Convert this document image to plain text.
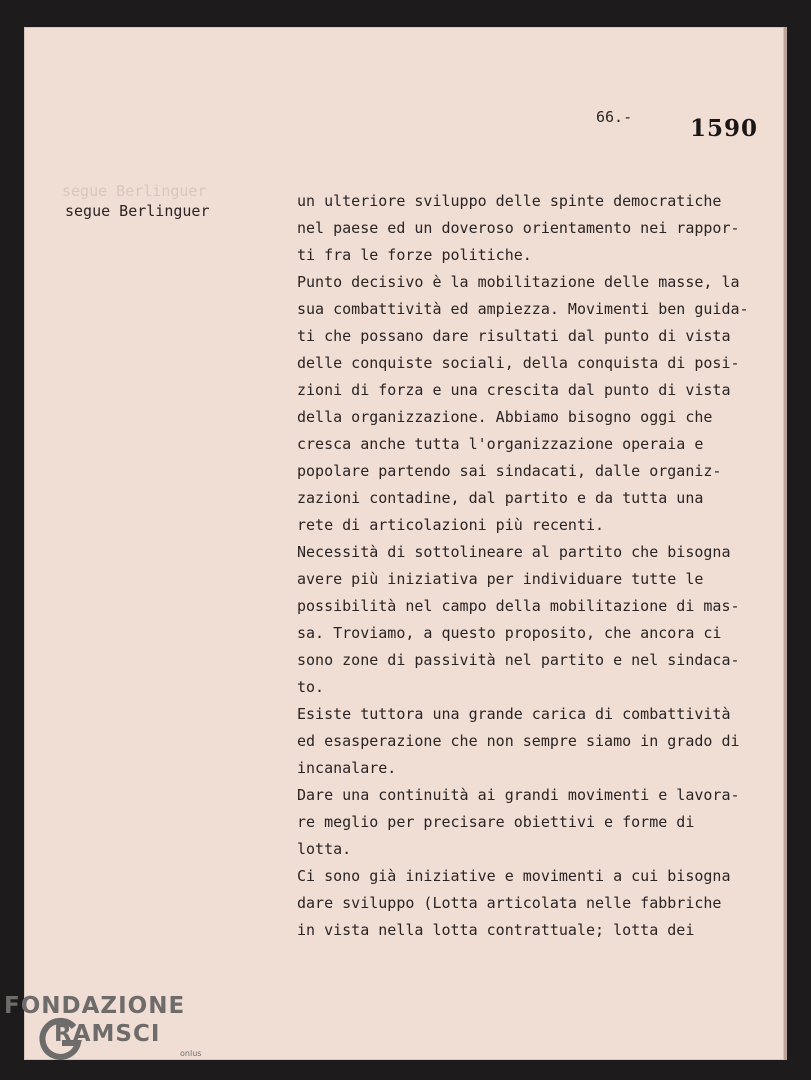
segue Berlinguer
66.-	1590
segue Berlinguer
un ulteriore sviluppo delle spinte democratiche
nel paese ed un doveroso orientamento nei rappor-
ti fra le forze politiche.
Punto decisivo è la mobilitazione delle masse, la
sua combattività ed ampiezza. Movimenti ben guida-
ti che possano dare risultati dal punto di vista
delle conquiste sociali, della conquista di posi-
zioni di forza e una crescita dal punto di vista
della organizzazione. Abbiamo bisogno oggi che
cresca anche tutta l'organizzazione operaia e
popolare partendo sai sindacati, dalle organiz-
zazioni contadine, dal partito e da tutta una
rete di articolazioni più recenti.
Necessità di sottolineare al partito che bisogna
avere più iniziativa per individuare tutte le
possibilità nel campo della mobilitazione di mas-
sa. Troviamo, a questo proposito, che ancora ci
sono zone di passività nel partito e nel sindaca-
to.
Esiste tuttora una grande carica di combattività
ed esasperazione che non sempre siamo in grado di
incanalare.
Dare una continuità ai grandi movimenti e lavora-
re meglio per precisare obiettivi e forme di
lotta.
Ci sono già iniziative e movimenti a cui bisogna
dare sviluppo (Lotta articolata nelle fabbriche
in vista nella lotta contrattuale; lotta dei
FONDAZIONE
RAMSCI
onlus
